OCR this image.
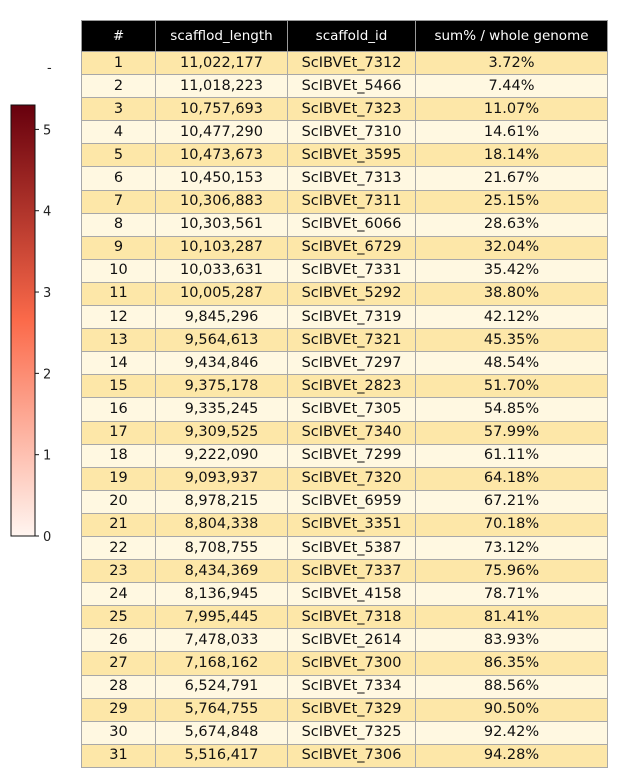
-
0
1
2
3
4
5
#	scafflod_length	scaffold_id	sum% / whole genome
1	11,022,177	ScIBVEt_7312	3.72%
2	11,018,223	ScIBVEt_5466	7.44%
3	10,757,693	ScIBVEt_7323	11.07%
4	10,477,290	ScIBVEt_7310	14.61%
5	10,473,673	ScIBVEt_3595	18.14%
6	10,450,153	ScIBVEt_7313	21.67%
7	10,306,883	ScIBVEt_7311	25.15%
8	10,303,561	ScIBVEt_6066	28.63%
9	10,103,287	ScIBVEt_6729	32.04%
10	10,033,631	ScIBVEt_7331	35.42%
11	10,005,287	ScIBVEt_5292	38.80%
12	9,845,296	ScIBVEt_7319	42.12%
13	9,564,613	ScIBVEt_7321	45.35%
14	9,434,846	ScIBVEt_7297	48.54%
15	9,375,178	ScIBVEt_2823	51.70%
16	9,335,245	ScIBVEt_7305	54.85%
17	9,309,525	ScIBVEt_7340	57.99%
18	9,222,090	ScIBVEt_7299	61.11%
19	9,093,937	ScIBVEt_7320	64.18%
20	8,978,215	ScIBVEt_6959	67.21%
21	8,804,338	ScIBVEt_3351	70.18%
22	8,708,755	ScIBVEt_5387	73.12%
23	8,434,369	ScIBVEt_7337	75.96%
24	8,136,945	ScIBVEt_4158	78.71%
25	7,995,445	ScIBVEt_7318	81.41%
26	7,478,033	ScIBVEt_2614	83.93%
27	7,168,162	ScIBVEt_7300	86.35%
28	6,524,791	ScIBVEt_7334	88.56%
29	5,764,755	ScIBVEt_7329	90.50%
30	5,674,848	ScIBVEt_7325	92.42%
31	5,516,417	ScIBVEt_7306	94.28%
